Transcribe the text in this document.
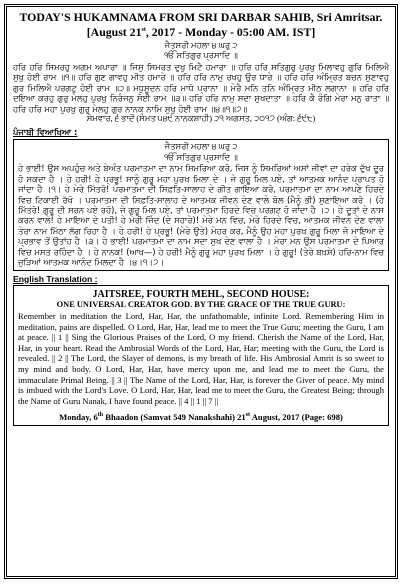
TODAY'S HUKAMNAMA FROM SRI DARBAR SAHIB, Sri Amritsar.

[August 21st, 2017 - Monday - 05:00 AM. IST]

ਜੈਤਸਰੀ ਮਹਲਾ ੪ ਘਰੁ ੨

ੴ ਸਤਿਗੁਰ ਪ੍ਰਸਾਦਿ ॥

ਹਰਿ ਹਰਿ ਸਿਮਰਹੁ ਅਗਮ ਅਪਾਰਾ ॥ ਜਿਸੁ ਸਿਮਰਤ ਦੁਖੁ ਮਿਟੈ ਹਮਾਰਾ ॥ ਹਰਿ ਹਰਿ ਸਤਿਗੁਰੁ ਪੁਰਖੁ ਮਿਲਾਵਹੁ ਗੁਰਿ ਮਿਲਿਐ ਸੁਖੁ ਹੋਈ ਰਾਮ ॥੧॥ ਹਰਿ ਗੁਣ ਗਾਵਹੁ ਮੀਤ ਹਮਾਰੇ ॥ ਹਰਿ ਹਰਿ ਨਾਮੁ ਰਖਹੁ ਉਰ ਧਾਰੇ ॥ ਹਰਿ ਹਰਿ ਅੰਮ੍ਰਿਤ ਬਚਨ ਸੁਣਾਵਹੁ ਗੁਰ ਮਿਲਿਐ ਪਰਗਟੁ ਹੋਈ ਰਾਮ ॥੨॥ ਮਧੁਸੂਦਨ ਹਰਿ ਮਾਧੋ ਪ੍ਰਾਨਾ ॥ ਮੇਰੈ ਮਨਿ ਤਨਿ ਅੰਮ੍ਰਿਤ ਮੀਠ ਲਗਾਨਾ ॥ ਹਰਿ ਹਰਿ ਦਇਆ ਕਰਹੁ ਗੁਰੁ ਮੇਲਹੁ ਪੁਰਖੁ ਨਿਰੰਜਨੁ ਸੋਈ ਰਾਮ ॥੩॥ ਹਰਿ ਹਰਿ ਨਾਮੁ ਸਦਾ ਸੁਖਦਾਤਾ ॥ ਹਰਿ ਕੈ ਰੰਗਿ ਮੇਰਾ ਮਨੁ ਰਾਤਾ ॥ ਹਰਿ ਹਰਿ ਮਹਾ ਪੁਰਖੁ ਗੁਰੁ ਮੇਲਹੁ ਗੁਰ ਨਾਨਕ ਨਾਮਿ ਸੁਖੁ ਹੋਈ ਰਾਮ ॥੪॥੧॥੭॥

ਸੋਮਵਾਰ, ੬ ਭਾਦੋਂ (ਸੰਮਤ ੫੪੯ ਨਾਨਕਸ਼ਾਹੀ) ੨੧ ਅਗਸਤ, ੨੦੧੭ (ਅੰਗ: ੬੯੮)

ਪੰਜਾਬੀ ਵਿਆਖਿਆ :

ਜੈਤਸਰੀ ਮਹਲਾ ੪ ਘਰੁ ੨

ੴ ਸਤਿਗੁਰ ਪ੍ਰਸਾਦਿ ॥

ਹੇ ਭਾਈ! ਉਸ ਅਪਹੁੰਚ ਅਤੇ ਬੇਅੰਤ ਪਰਮਾਤਮਾ ਦਾ ਨਾਮ ਸਿਮਰਿਆ ਕਰੋ, ਜਿਸ ਨੂੰ ਸਿਮਰਿਆਂ ਅਸਾਂ ਜੀਵਾਂ ਦਾ ਹਰੇਕ ਦੁੱਖ ਦੂਰ ਹੋ ਸਕਦਾ ਹੈ । ਹੇ ਹਰੀ! ਹੇ ਪ੍ਰਭੂ! ਸਾਨੂੰ ਗੁਰੂ ਮਹਾ ਪੁਰਖ ਮਿਲਾ ਦੇ । ਜੇ ਗੁਰੂ ਮਿਲ ਪਏ, ਤਾਂ ਆਤਮਕ ਆਨੰਦ ਪ੍ਰਾਪਤ ਹੋ ਜਾਂਦਾ ਹੈ ।੧। ਹੇ ਮੇਰੇ ਮਿੱਤਰੋ! ਪਰਮਾਤਮਾ ਦੀ ਸਿਫ਼ਤਿ-ਸਾਲਾਹ ਦੇ ਗੀਤ ਗਾਇਆ ਕਰੋ, ਪਰਮਾਤਮਾ ਦਾ ਨਾਮ ਆਪਣੇ ਹਿਰਦੇ ਵਿਚ ਟਿਕਾਈ ਰੱਖੋ । ਪਰਮਾਤਮਾ ਦੀ ਸਿਫ਼ਤਿ-ਸਾਲਾਹ ਦੇ ਆਤਮਕ ਜੀਵਨ ਦੇਣ ਵਾਲੇ ਬੋਲ (ਮੈਨੂੰ ਭੀ) ਸੁਣਾਇਆ ਕਰੋ । (ਹੇ ਮਿੱਤਰੋ! ਗੁਰੂ ਦੀ ਸਰਨ ਪਏ ਰਹੋ), ਜੇ ਗੁਰੂ ਮਿਲ ਪਏ, ਤਾਂ ਪਰਮਾਤਮਾ ਹਿਰਦੇ ਵਿਚ ਪਰਗਟ ਹੋ ਜਾਂਦਾ ਹੈ ।੨। ਹੇ ਦੂਤਾਂ ਦੇ ਨਾਸ ਕਰਨ ਵਾਲੇ! ਹੇ ਮਾਇਆ ਦੇ ਪਤੀ! ਹੇ ਮੇਰੀ ਜਿੰਦ (ਦੇ ਸਹਾਰੇ)! ਮੇਰੇ ਮਨ ਵਿਚ, ਮੇਰੇ ਹਿਰਦੇ ਵਿਚ, ਆਤਮਕ ਜੀਵਨ ਦੇਣ ਵਾਲਾ ਤੇਰਾ ਨਾਮ ਮਿੱਠਾ ਲੱਗ ਰਿਹਾ ਹੈ । ਹੇ ਹਰੀ! ਹੇ ਪ੍ਰਭੂ! (ਮੇਰੇ ਉਤੇ) ਮੇਹਰ ਕਰ, ਮੈਨੂੰ ਉਹ ਮਹਾ ਪੁਰਖ ਗੁਰੂ ਮਿਲਾ ਜੋ ਮਾਇਆ ਦੇ ਪ੍ਰਭਾਵ ਤੋਂ ਉਤਾਂਹ ਹੈ ।੩। ਹੇ ਭਾਈ! ਪਰਮਾਤਮਾ ਦਾ ਨਾਮ ਸਦਾ ਸੁਖ ਦੇਣ ਵਾਲਾ ਹੈ । ਮੇਰਾ ਮਨ ਉਸ ਪਰਮਾਤਮਾ ਦੇ ਪਿਆਰ ਵਿਚ ਮਸਤ ਰਹਿੰਦਾ ਹੈ । ਹੇ ਨਾਨਕ! (ਆਖ—) ਹੇ ਹਰੀ! ਮੈਨੂੰ ਗੁਰੂ ਮਹਾ ਪੁਰਖ ਮਿਲਾ । ਹੇ ਗੁਰੂ! (ਤੇਰੇ ਬਖ਼ਸ਼ੇ) ਹਰਿ-ਨਾਮ ਵਿਚ ਜੁੜਿਆਂ ਆਤਮਕ ਆਨੰਦ ਮਿਲਦਾ ਹੈ ।੪।੧।੭।

English Translation :

JAITSREE, FOURTH MEHL, SECOND HOUSE:

ONE UNIVERSAL CREATOR GOD. BY THE GRACE OF THE TRUE GURU:

Remember in meditation the Lord, Har, Har, the unfathomable, infinite Lord. Remembering Him in meditation, pains are dispelled. O Lord, Har, Har, lead me to meet the True Guru; meeting the Guru, I am at peace. || 1 || Sing the Glorious Praises of the Lord, O my friend. Cherish the Name of the Lord, Har, Har, in your heart. Read the Ambrosial Words of the Lord, Har, Har; meeting with the Guru, the Lord is revealed. || 2 || The Lord, the Slayer of demons, is my breath of life. His Ambrosial Amrit is so sweet to my mind and body. O Lord, Har, Har, have mercy upon me, and lead me to meet the Guru, the immaculate Primal Being. || 3 || The Name of the Lord, Har, Har, is forever the Giver of peace. My mind is imbued with the Lord's Love. O Lord, Har, Har, lead me to meet the Guru, the Greatest Being; through the Name of Guru Nanak, I have found peace. || 4 || 1 || 7 ||

Monday, 6th Bhaadon (Samvat 549 Nanakshahi) 21st August, 2017 (Page: 698)
